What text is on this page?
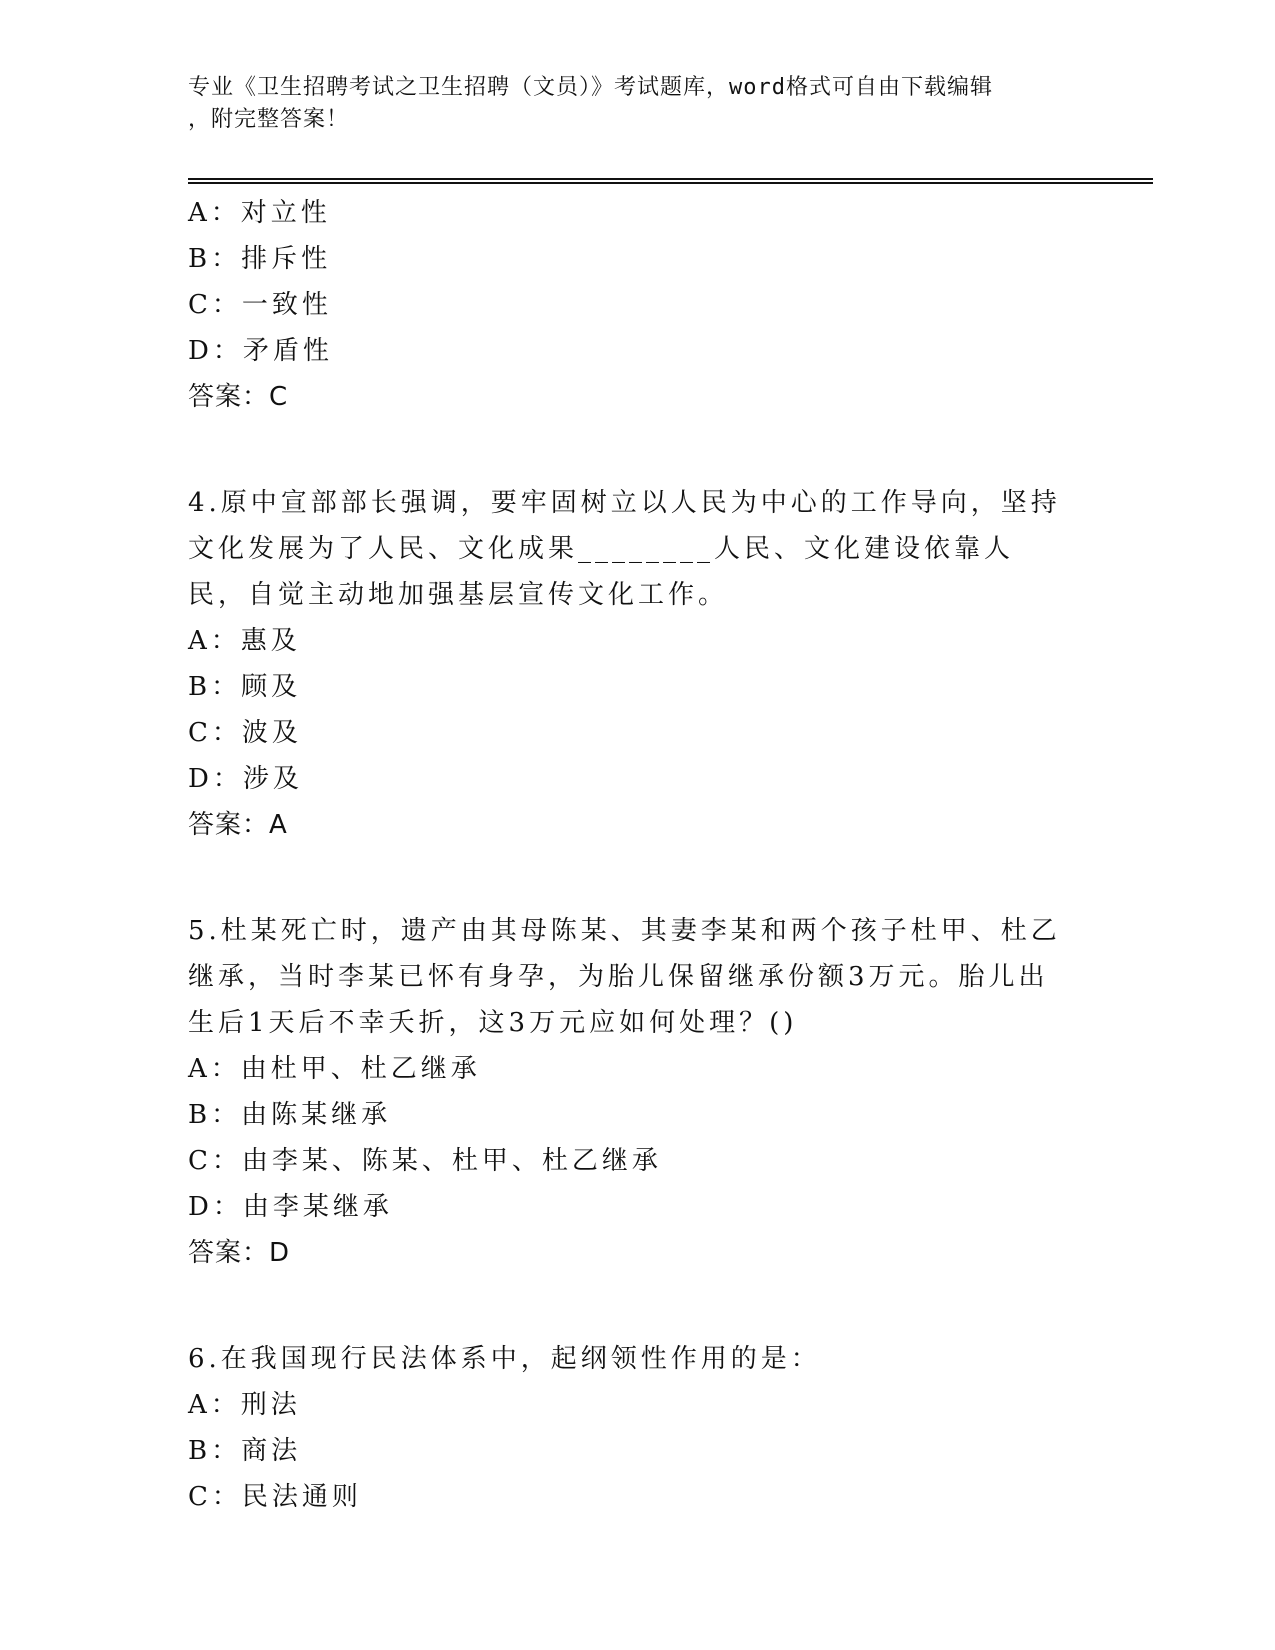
专业《卫生招聘考试之卫生招聘（文员）》考试题库，word格式可自由下载编辑
，附完整答案！
A：对立性
B：排斥性
C：一致性
D：矛盾性
答案：C
4.原中宣部部长强调，要牢固树立以人民为中心的工作导向，坚持文化发展为了人民、文化成果________人民、文化建设依靠人民，自觉主动地加强基层宣传文化工作。
A：惠及
B：顾及
C：波及
D：涉及
答案：A
5.杜某死亡时，遗产由其母陈某、其妻李某和两个孩子杜甲、杜乙继承，当时李某已怀有身孕，为胎儿保留继承份额3万元。胎儿出生后1天后不幸夭折，这3万元应如何处理？()
A：由杜甲、杜乙继承
B：由陈某继承
C：由李某、陈某、杜甲、杜乙继承
D：由李某继承
答案：D
6.在我国现行民法体系中，起纲领性作用的是：
A：刑法
B：商法
C：民法通则
